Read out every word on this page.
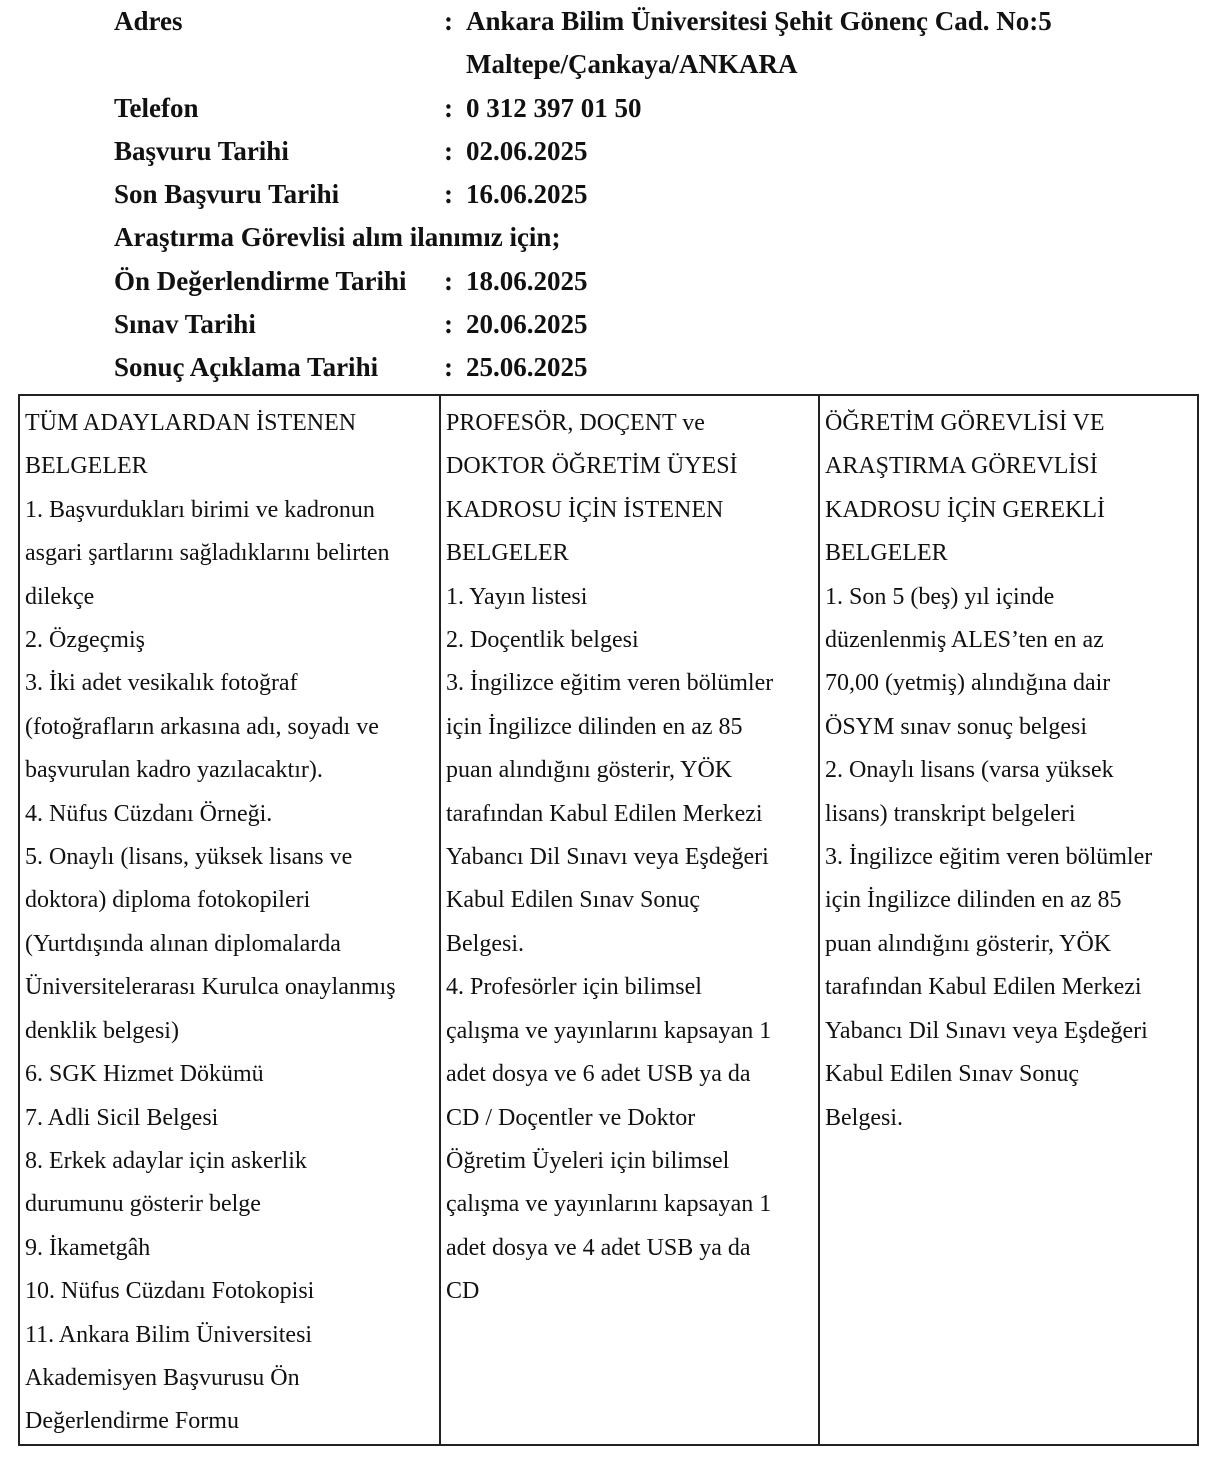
Adres	: Ankara Bilim Üniversitesi Şehit Gönenç Cad. No:5
Maltepe/Çankaya/ANKARA
Telefon	: 0 312 397 01 50
Başvuru Tarihi	: 02.06.2025
Son Başvuru Tarihi	: 16.06.2025
Araştırma Görevlisi alım ilanımız için;
Ön Değerlendirme Tarihi	: 18.06.2025
Sınav Tarihi	: 20.06.2025
Sonuç Açıklama Tarihi	: 25.06.2025
TÜM ADAYLARDAN İSTENEN
BELGELER
1. Başvurdukları birimi ve kadronun
asgari şartlarını sağladıklarını belirten
dilekçe
2. Özgeçmiş
3. İki adet vesikalık fotoğraf
(fotoğrafların arkasına adı, soyadı ve
başvurulan kadro yazılacaktır).
4. Nüfus Cüzdanı Örneği.
5. Onaylı (lisans, yüksek lisans ve
doktora) diploma fotokopileri
(Yurtdışında alınan diplomalarda
Üniversitelerarası Kurulca onaylanmış
denklik belgesi)
6. SGK Hizmet Dökümü
7. Adli Sicil Belgesi
8. Erkek adaylar için askerlik
durumunu gösterir belge
9. İkametgâh
10. Nüfus Cüzdanı Fotokopisi
11. Ankara Bilim Üniversitesi
Akademisyen Başvurusu Ön
Değerlendirme Formu

PROFESÖR, DOÇENT ve
DOKTOR ÖĞRETİM ÜYESİ
KADROSU İÇİN İSTENEN
BELGELER
1. Yayın listesi
2. Doçentlik belgesi
3. İngilizce eğitim veren bölümler
için İngilizce dilinden en az 85
puan alındığını gösterir, YÖK
tarafından Kabul Edilen Merkezi
Yabancı Dil Sınavı veya Eşdeğeri
Kabul Edilen Sınav Sonuç
Belgesi.
4. Profesörler için bilimsel
çalışma ve yayınlarını kapsayan 1
adet dosya ve 6 adet USB ya da
CD / Doçentler ve Doktor
Öğretim Üyeleri için bilimsel
çalışma ve yayınlarını kapsayan 1
adet dosya ve 4 adet USB ya da
CD

ÖĞRETİM GÖREVLİSİ VE
ARAŞTIRMA GÖREVLİSİ
KADROSU İÇİN GEREKLİ
BELGELER
1. Son 5 (beş) yıl içinde
düzenlenmiş ALES’ten en az
70,00 (yetmiş) alındığına dair
ÖSYM sınav sonuç belgesi
2. Onaylı lisans (varsa yüksek
lisans) transkript belgeleri
3. İngilizce eğitim veren bölümler
için İngilizce dilinden en az 85
puan alındığını gösterir, YÖK
tarafından Kabul Edilen Merkezi
Yabancı Dil Sınavı veya Eşdeğeri
Kabul Edilen Sınav Sonuç
Belgesi.
